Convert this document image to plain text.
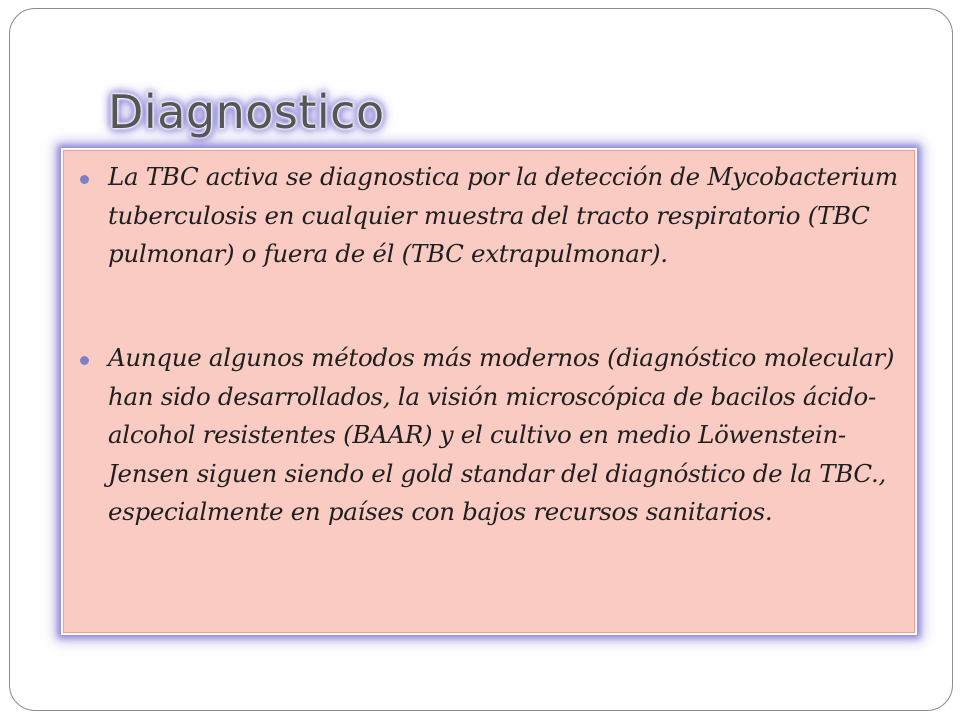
Diagnostico
La TBC activa se diagnostica por la detección de Mycobacterium tuberculosis en cualquier muestra del tracto respiratorio (TBC pulmonar) o fuera de él (TBC extrapulmonar).
Aunque algunos métodos más modernos (diagnóstico molecular) han sido desarrollados, la visión microscópica de bacilos ácido-alcohol resistentes (BAAR) y el cultivo en medio Löwenstein-Jensen siguen siendo el gold standar del diagnóstico de la TBC., especialmente en países con bajos recursos sanitarios.
